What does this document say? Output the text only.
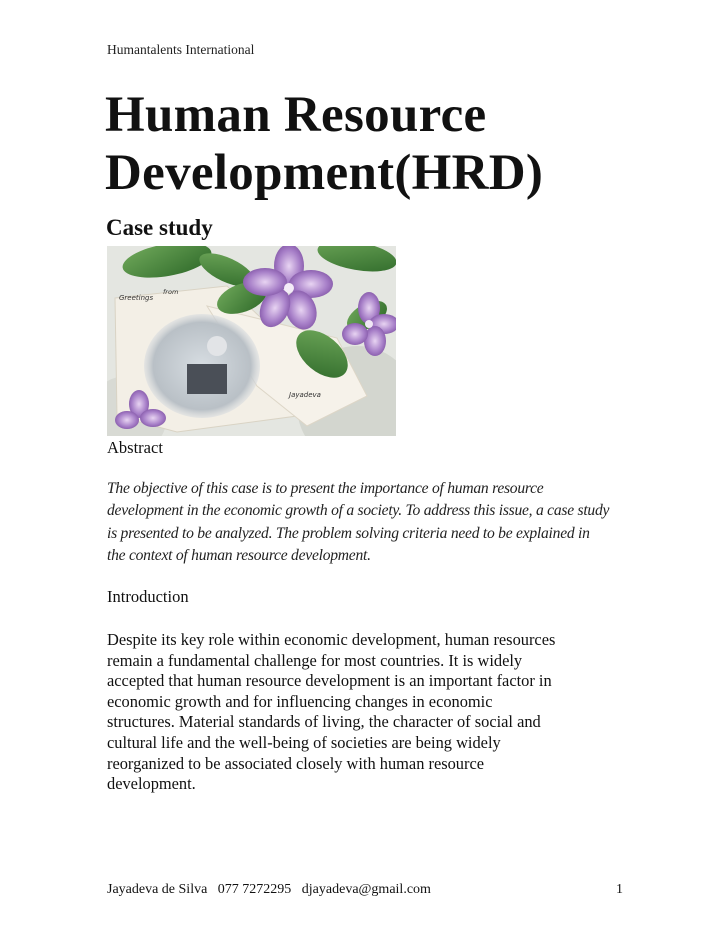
Humantalents International
Human Resource
Development(HRD)
Case study
Greetings
from
Jayadeva
Abstract
The objective of this case is to present the importance of human resource
development in the economic growth of a society. To address this issue, a case study
is presented to be analyzed. The problem solving criteria need to be explained in
the context of human resource development.
Introduction
Despite its key role within economic development, human resources
remain a fundamental challenge for most countries. It is widely
accepted that human resource development is an important factor in
economic growth and for influencing changes in economic
structures. Material standards of living, the character of social and
cultural life and the well-being of societies are being widely
reorganized to be associated closely with human resource
development.
Jayadeva de Silva 077 7272295 djayadeva@gmail.com	1
